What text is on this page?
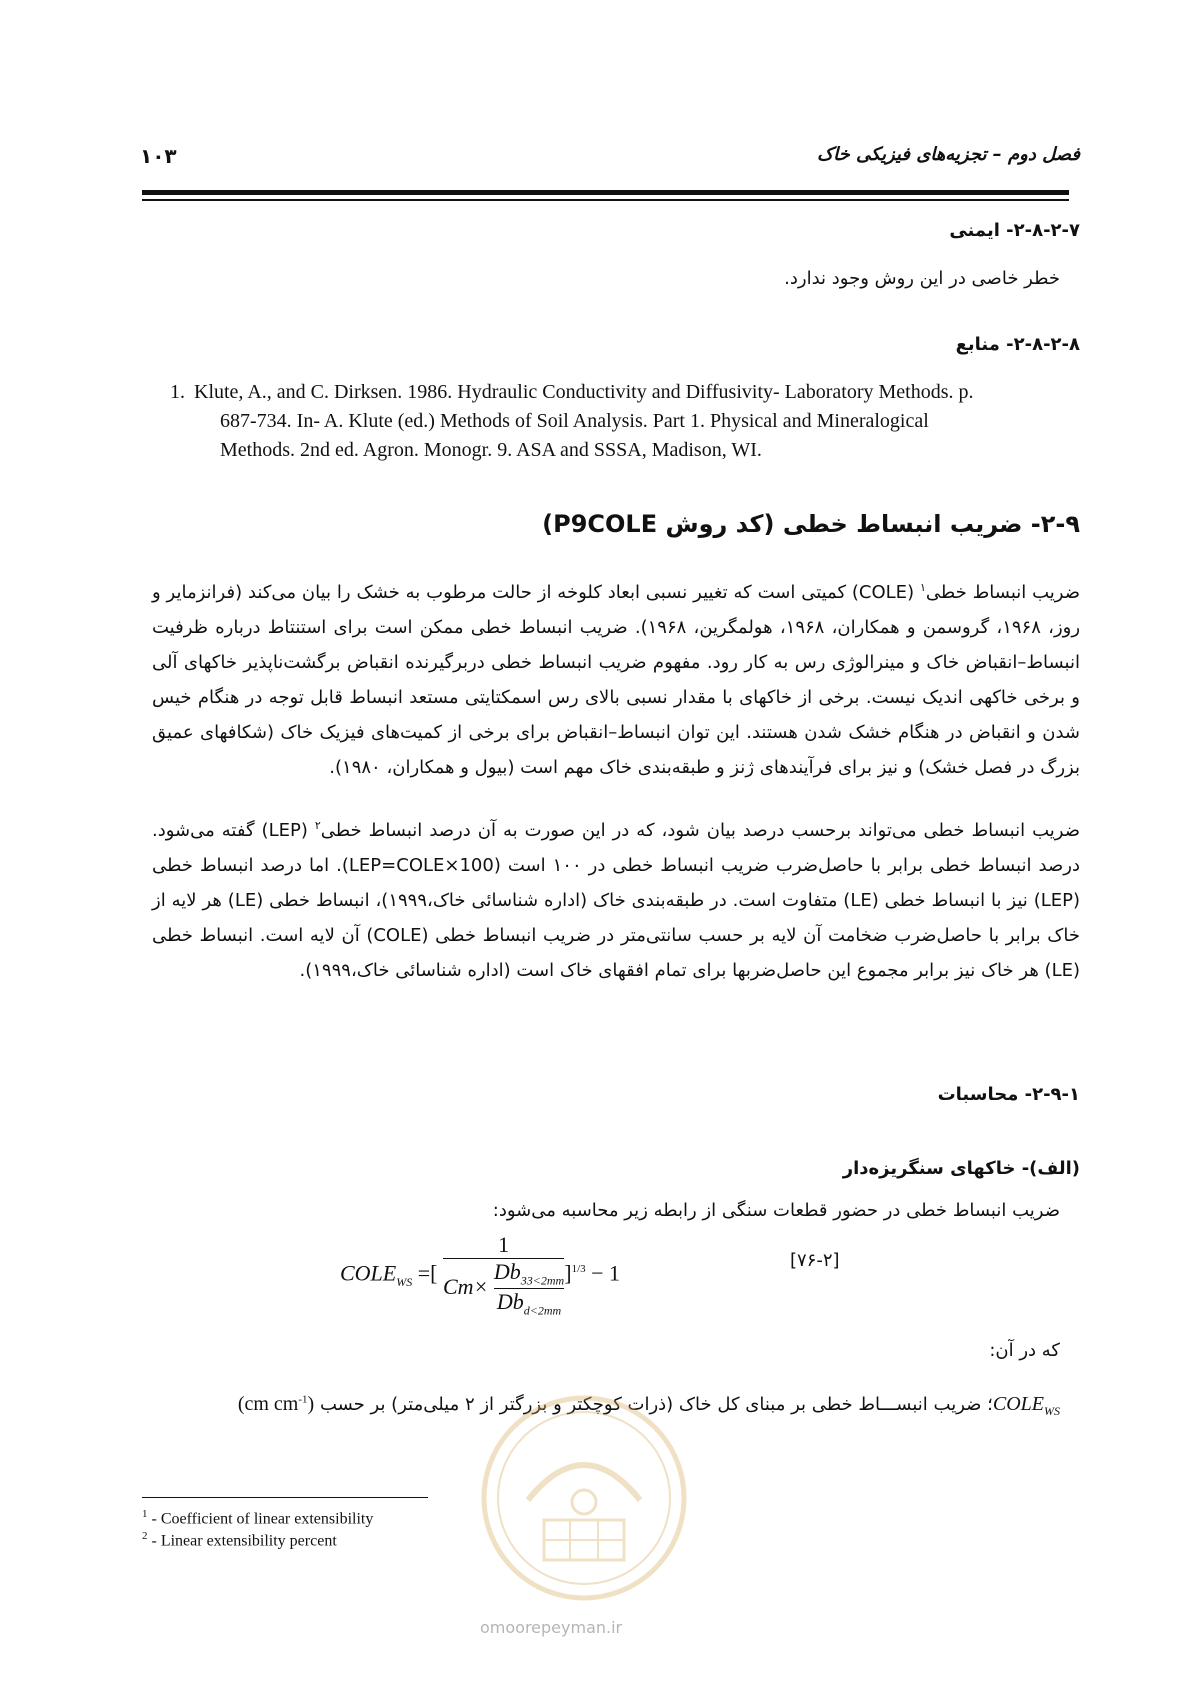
فصل دوم – تجزیه‌های فیزیکی خاک
۱۰۳
۲-۸-۲-۷- ایمنی
خطر خاصی در این روش وجود ندارد.
۲-۸-۲-۸- منابع
1. Klute, A., and C. Dirksen. 1986. Hydraulic Conductivity and Diffusivity- Laboratory Methods. p.
687-734. In- A. Klute (ed.) Methods of Soil Analysis. Part 1. Physical and Mineralogical
Methods. 2nd ed. Agron. Monogr. 9. ASA and SSSA, Madison, WI.
۲-۹- ضریب انبساط خطی (کد روش P9COLE)
ضریب انبساط خطی$^۱$ (COLE) کمیتی است که تغییر نسبی ابعاد کلوخه از حالت مرطوب به خشک را بیان می‌کند (فرانزمایر و روز، ۱۹۶۸، گروسمن و همکاران، ۱۹۶۸، هولمگرین، ۱۹۶۸). ضریب انبساط خطی ممکن است برای استنتاط درباره ظرفیت انبساط–انقباض خاک و مینرالوژی رس به کار رود. مفهوم ضریب انبساط خطی دربرگیرنده انقباض برگشت‌ناپذیر خاکهای آلی و برخی خاکهی اندیک نیست. برخی از خاکهای با مقدار نسبی بالای رس اسمکتایتی مستعد انبساط قابل توجه در هنگام خیس شدن و انقباض در هنگام خشک شدن هستند. این توان انبساط–انقباض برای برخی از کمیت‌های فیزیک خاک (شکافهای عمیق بزرگ در فصل خشک) و نیز برای فرآیندهای ژنز و طبقه‌بندی خاک مهم است (بیول و همکاران، ۱۹۸۰).
ضریب انبساط خطی می‌تواند برحسب درصد بیان شود، که در این صورت به آن درصد انبساط خطی$^۲$ (LEP) گفته می‌شود. درصد انبساط خطی برابر با حاصل‌ضرب ضریب انبساط خطی در ۱۰۰ است (LEP=COLE×100). اما درصد انبساط خطی (LEP) نیز با انبساط خطی (LE) متفاوت است. در طبقه‌بندی خاک (اداره شناسائی خاک،۱۹۹۹)، انبساط خطی (LE) هر لایه از خاک برابر با حاصل‌ضرب ضخامت آن لایه بر حسب سانتی‌متر در ضریب انبساط خطی (COLE) آن لایه است. انبساط خطی (LE) هر خاک نیز برابر مجموع این حاصل‌ضربها برای تمام افقهای خاک است (اداره شناسائی خاک،۱۹۹۹).
۲-۹-۱- محاسبات
(الف)- خاکهای سنگریزه‌دار
ضریب انبساط خطی در حضور قطعات سنگی از رابطه زیر محاسبه می‌شود:
$COLE_{WS}$ =[ $\frac{1}{Cm\times \frac{Db_{33<2mm}}{Db_{d<2mm}}} ]^{1/3} - 1$	[۷۶-۲]
که در آن:
$COLE_{WS}؛$ ضریب انبســـاط خطی بر مبنای کل خاک (ذرات کوچکتر و بزرگتر از ۲ میلی‌متر) بر حسب (cm $cm^{-1}$)
omoorepeyman.ir
$^1$ - Coefficient of linear extensibility
$^2$ - Linear extensibility percent
